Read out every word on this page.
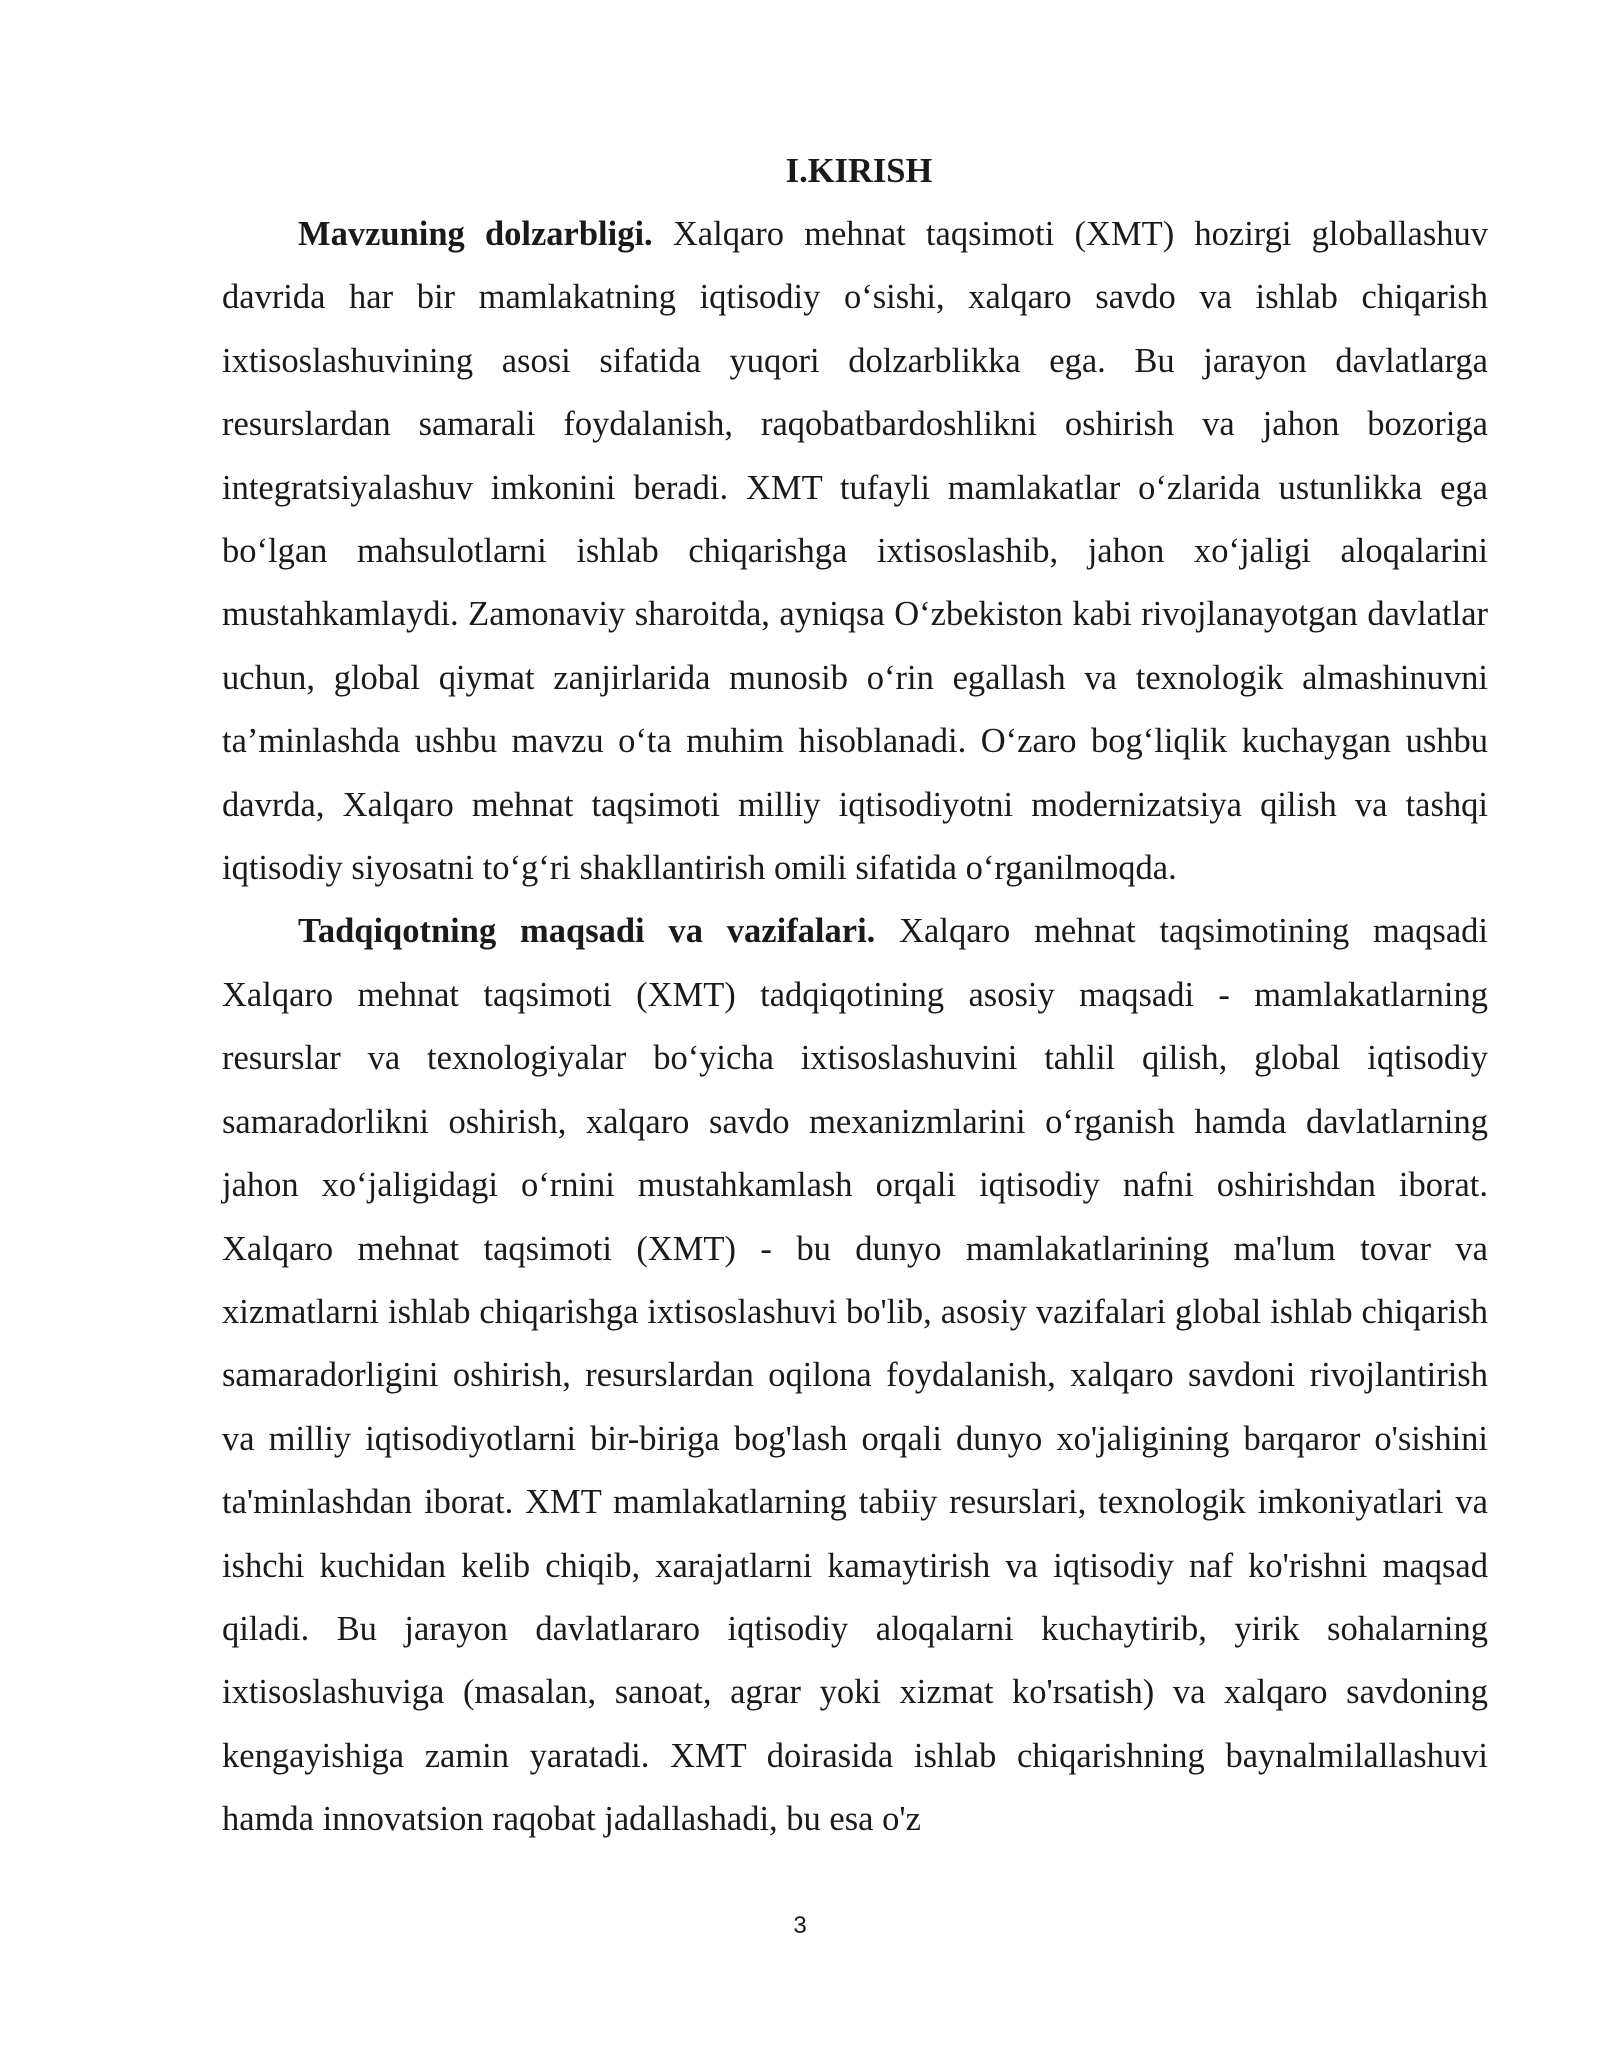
I.KIRISH

Mavzuning dolzarbligi. Xalqaro mehnat taqsimoti (XMT) hozirgi globallashuv davrida har bir mamlakatning iqtisodiy o‘sishi, xalqaro savdo va ishlab chiqarish ixtisoslashuvining asosi sifatida yuqori dolzarblikka ega. Bu jarayon davlatlarga resurslardan samarali foydalanish, raqobatbardoshlikni oshirish va jahon bozoriga integratsiyalashuv imkonini beradi. XMT tufayli mamlakatlar o‘zlarida ustunlikka ega bo‘lgan mahsulotlarni ishlab chiqarishga ixtisoslashib, jahon xo‘jaligi aloqalarini mustahkamlaydi. Zamonaviy sharoitda, ayniqsa O‘zbekiston kabi rivojlanayotgan davlatlar uchun, global qiymat zanjirlarida munosib o‘rin egallash va texnologik almashinuvni ta’minlashda ushbu mavzu o‘ta muhim hisoblanadi. O‘zaro bog‘liqlik kuchaygan ushbu davrda, Xalqaro mehnat taqsimoti milliy iqtisodiyotni modernizatsiya qilish va tashqi iqtisodiy siyosatni to‘g‘ri shakllantirish omili sifatida o‘rganilmoqda.

Tadqiqotning maqsadi va vazifalari. Xalqaro mehnat taqsimotining maqsadi Xalqaro mehnat taqsimoti (XMT) tadqiqotining asosiy maqsadi - mamlakatlarning resurslar va texnologiyalar bo‘yicha ixtisoslashuvini tahlil qilish, global iqtisodiy samaradorlikni oshirish, xalqaro savdo mexanizmlarini o‘rganish hamda davlatlarning jahon xo‘jaligidagi o‘rnini mustahkamlash orqali iqtisodiy nafni oshirishdan iborat. Xalqaro mehnat taqsimoti (XMT) - bu dunyo mamlakatlarining ma'lum tovar va xizmatlarni ishlab chiqarishga ixtisoslashuvi bo'lib, asosiy vazifalari global ishlab chiqarish samaradorligini oshirish, resurslardan oqilona foydalanish, xalqaro savdoni rivojlantirish va milliy iqtisodiyotlarni bir-biriga bog'lash orqali dunyo xo'jaligining barqaror o'sishini ta'minlashdan iborat. XMT mamlakatlarning tabiiy resurslari, texnologik imkoniyatlari va ishchi kuchidan kelib chiqib, xarajatlarni kamaytirish va iqtisodiy naf ko'rishni maqsad qiladi. Bu jarayon davlatlararo iqtisodiy aloqalarni kuchaytirib, yirik sohalarning ixtisoslashuviga (masalan, sanoat, agrar yoki xizmat ko'rsatish) va xalqaro savdoning kengayishiga zamin yaratadi. XMT doirasida ishlab chiqarishning baynalmilallashuvi hamda innovatsion raqobat jadallashadi, bu esa o'z

3
